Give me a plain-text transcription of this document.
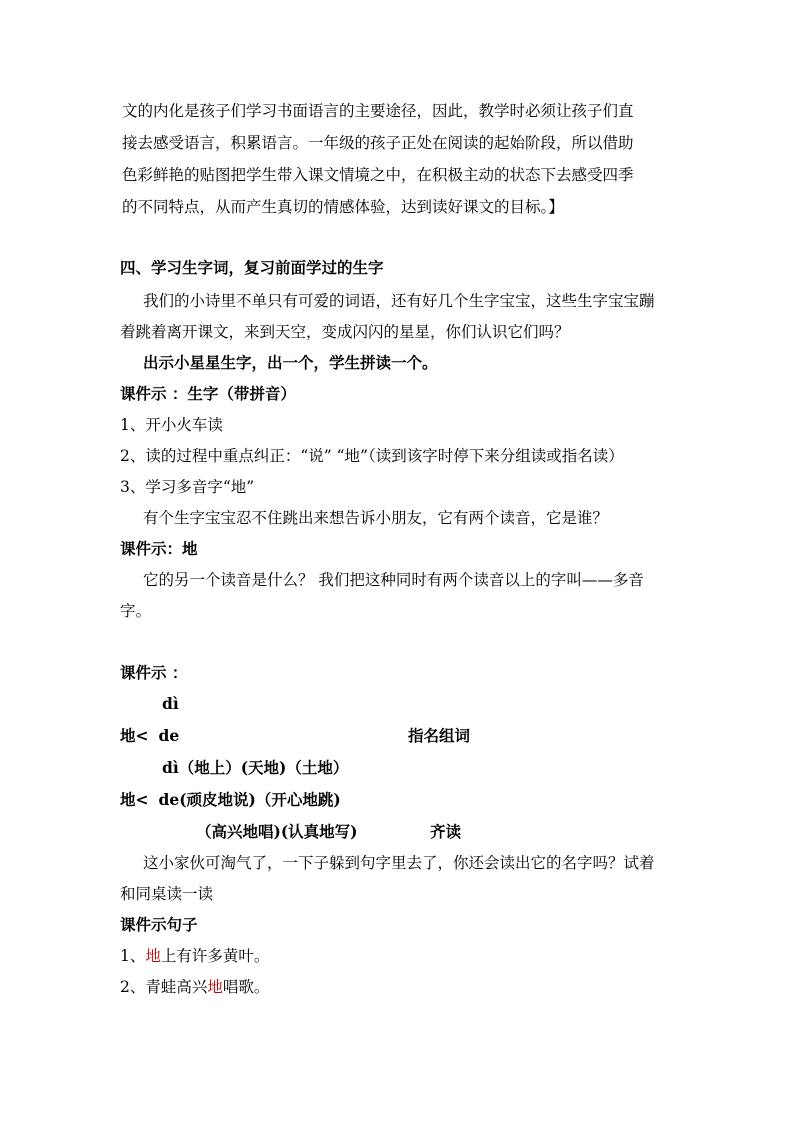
文的内化是孩子们学习书面语言的主要途径，因此，教学时必须让孩子们直
接去感受语言，积累语言。一年级的孩子正处在阅读的起始阶段，所以借助
色彩鲜艳的贴图把学生带入课文情境之中，在积极主动的状态下去感受四季
的不同特点，从而产生真切的情感体验，达到读好课文的目标。】
四、学习生字词，复习前面学过的生字
我们的小诗里不单只有可爱的词语，还有好几个生字宝宝，这些生字宝宝蹦
着跳着离开课文，来到天空，变成闪闪的星星，你们认识它们吗？
出示小星星生字，出一个，学生拼读一个。
课件示 ：生字（带拼音）
1、开小火车读
2、读的过程中重点纠正：“说” “地”（读到该字时停下来分组读或指名读）
3、学习多音字“地”
有个生字宝宝忍不住跳出来想告诉小朋友，它有两个读音，它是谁？
课件示：地
它的另一个读音是什么？ 我们把这种同时有两个读音以上的字叫——多音
字。
课件示 ：
dì
地< de	指名组词
dì（地上）(天地)（土地）
地< de(顽皮地说)（开心地跳)
（高兴地唱)(认真地写)	齐读
这小家伙可淘气了，一下子躲到句字里去了，你还会读出它的名字吗？试着
和同桌读一读
课件示句子
1、地上有许多黄叶。
2、青蛙高兴地唱歌。
